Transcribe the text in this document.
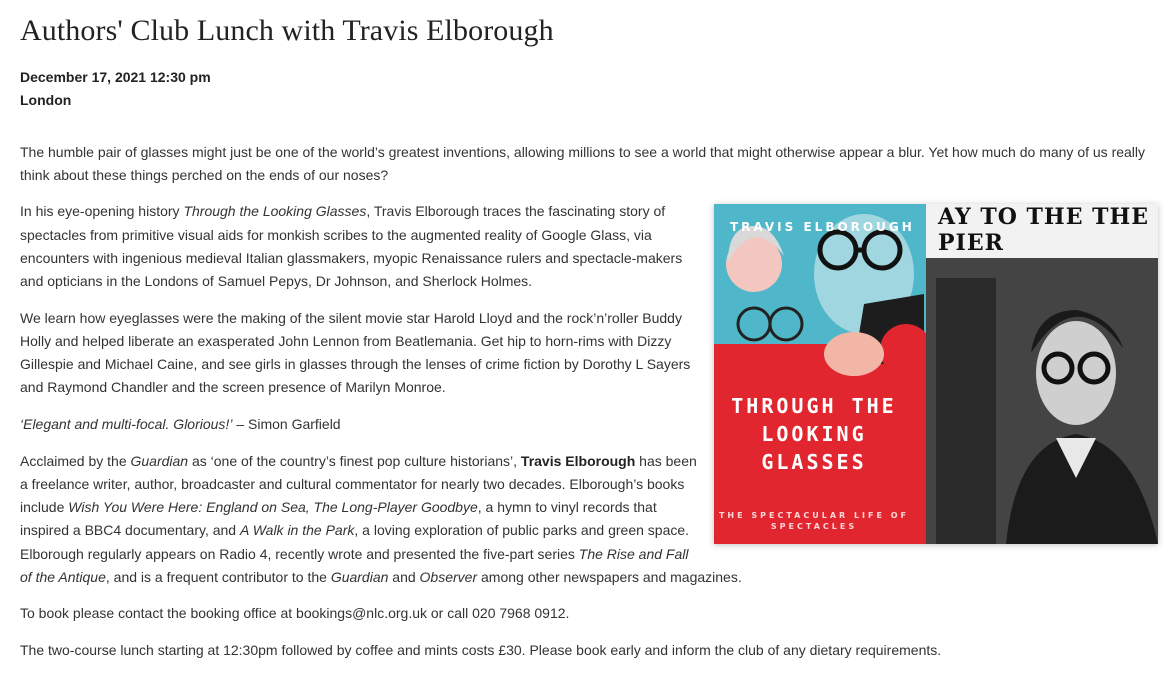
Authors' Club Lunch with Travis Elborough
December 17, 2021 12:30 pm
London

The humble pair of glasses might just be one of the world’s greatest inventions, allowing millions to see a world that might otherwise appear a blur. Yet how much do many of us really think about these things perched on the ends of our noses?

TRAVIS ELBOROUGH
THROUGH THE LOOKING GLASSES
THE SPECTACULAR LIFE OF SPECTACLES
AY TO THE THE PIER

In his eye-opening history Through the Looking Glasses, Travis Elborough traces the fascinating story of spectacles from primitive visual aids for monkish scribes to the augmented reality of Google Glass, via encounters with ingenious medieval Italian glassmakers, myopic Renaissance rulers and spectacle-makers and opticians in the Londons of Samuel Pepys, Dr Johnson, and Sherlock Holmes.

We learn how eyeglasses were the making of the silent movie star Harold Lloyd and the rock’n’roller Buddy Holly and helped liberate an exasperated John Lennon from Beatlemania. Get hip to horn-rims with Dizzy Gillespie and Michael Caine, and see girls in glasses through the lenses of crime fiction by Dorothy L Sayers and Raymond Chandler and the screen presence of Marilyn Monroe.

‘Elegant and multi-focal. Glorious!’ – Simon Garfield

Acclaimed by the Guardian as ‘one of the country’s finest pop culture historians’, Travis Elborough has been a freelance writer, author, broadcaster and cultural commentator for nearly two decades. Elborough’s books include Wish You Were Here: England on Sea, The Long-Player Goodbye, a hymn to vinyl records that inspired a BBC4 documentary, and A Walk in the Park, a loving exploration of public parks and green space. Elborough regularly appears on Radio 4, recently wrote and presented the five-part series The Rise and Fall of the Antique, and is a frequent contributor to the Guardian and Observer among other newspapers and magazines.

To book please contact the booking office at bookings@nlc.org.uk or call 020 7968 0912.

The two-course lunch starting at 12:30pm followed by coffee and mints costs £30. Please book early and inform the club of any dietary requirements.
